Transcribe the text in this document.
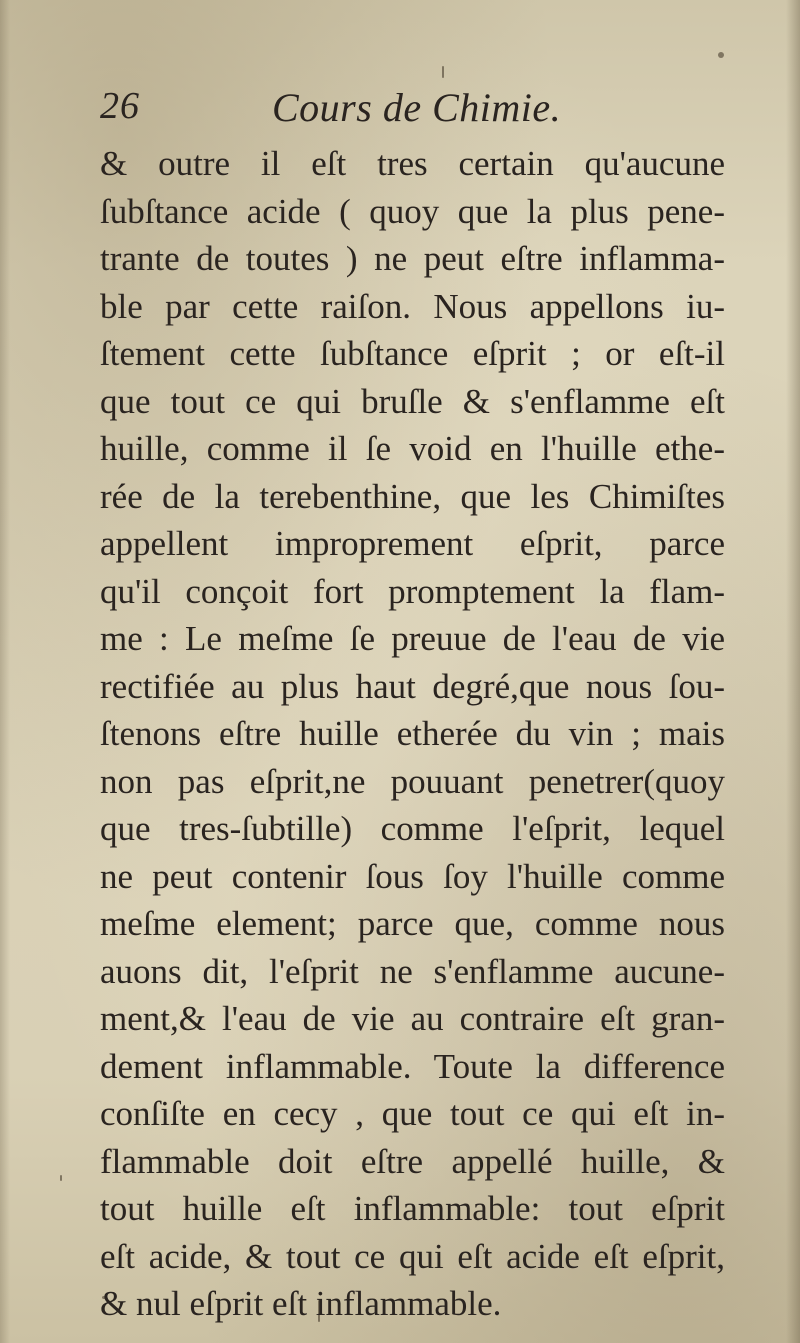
26	Cours de Chimie.
& outre il eſt tres certain qu'aucune
ſubſtance acide ( quoy que la plus pene-
trante de toutes ) ne peut eſtre inflamma-
ble par cette raiſon. Nous appellons iu-
ſtement cette ſubſtance eſprit ; or eſt-il
que tout ce qui bruſle & s'enflamme eſt
huille, comme il ſe void en l'huille ethe-
rée de la terebenthine, que les Chimiſtes
appellent improprement eſprit, parce
qu'il conçoit fort promptement la flam-
me : Le meſme ſe preuue de l'eau de vie
rectifiée au plus haut degré,que nous ſou-
ſtenons eſtre huille etherée du vin ; mais
non pas eſprit,ne pouuant penetrer(quoy
que tres-ſubtille) comme l'eſprit, lequel
ne peut contenir ſous ſoy l'huille comme
meſme element; parce que, comme nous
auons dit, l'eſprit ne s'enflamme aucune-
ment,& l'eau de vie au contraire eſt gran-
dement inflammable. Toute la difference
conſiſte en cecy , que tout ce qui eſt in-
flammable doit eſtre appellé huille, &
tout huille eſt inflammable: tout eſprit
eſt acide, & tout ce qui eſt acide eſt eſprit,
& nul eſprit eſt inflammable.
